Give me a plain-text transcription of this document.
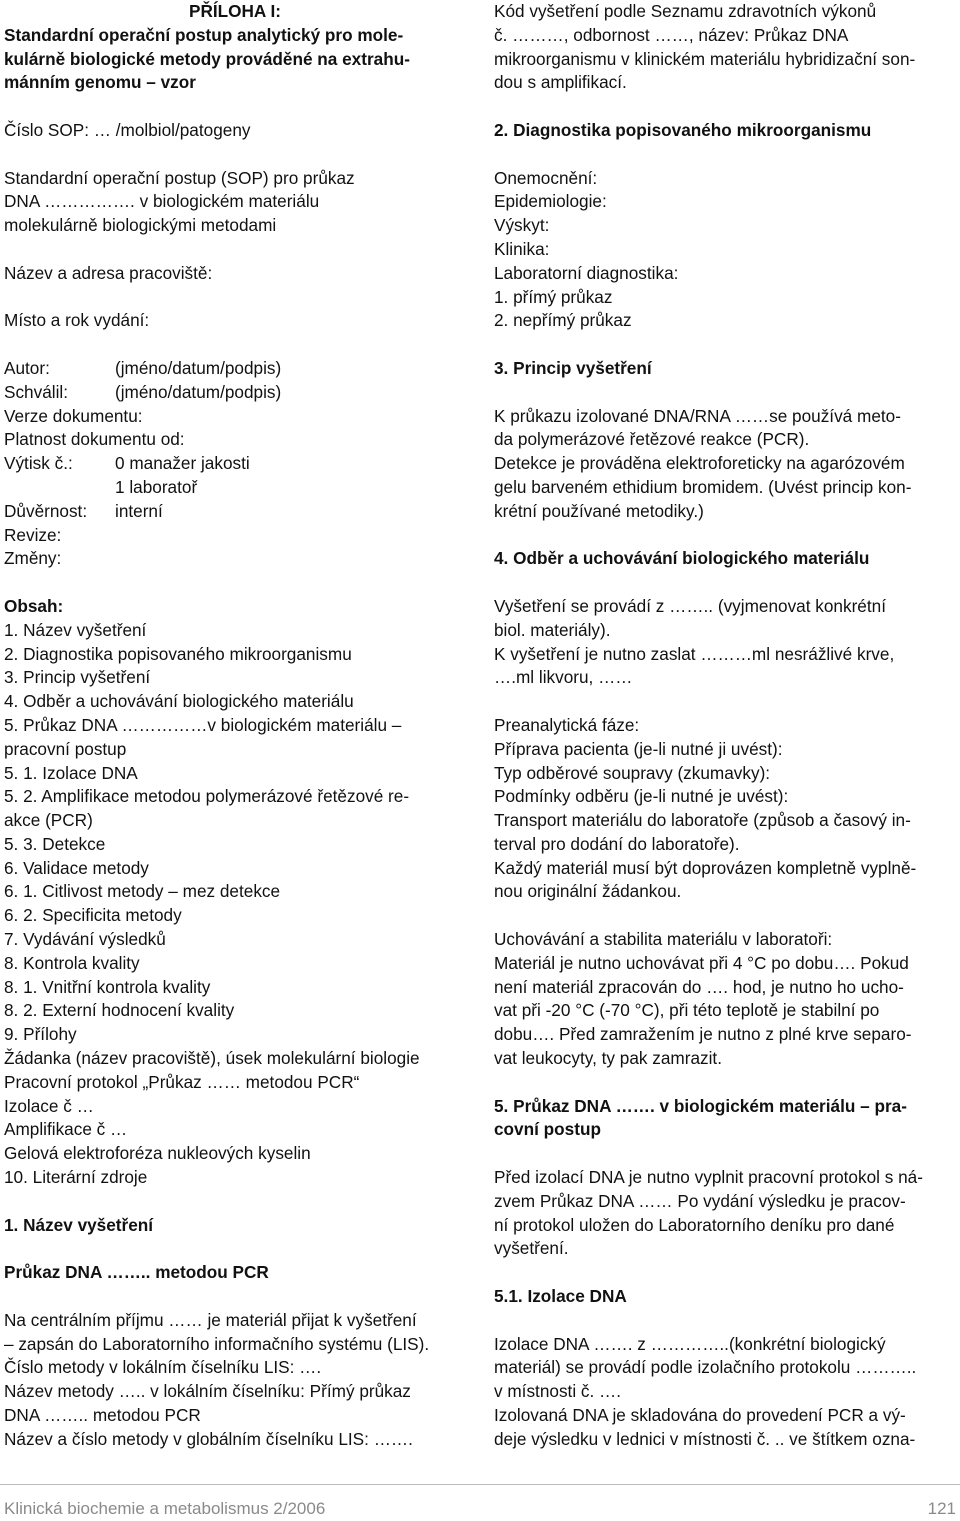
PŘÍLOHA I:

Standardní operační postup analytický pro mole-

kulárně biologické metody prováděné na extrahu-

mánním genomu – vzor

Číslo SOP: … /molbiol/patogeny

Standardní operační postup (SOP) pro průkaz

DNA ……………. v biologickém materiálu

molekulárně biologickými metodami

Název a adresa pracoviště:

Místo a rok vydání:

Autor:	(jméno/datum/podpis)
Schválil:	(jméno/datum/podpis)

Verze dokumentu:

Platnost dokumentu od:

Výtisk č.:	0 manažer jakosti
1 laboratoř
Důvěrnost:	interní

Revize:

Změny:

Obsah:

1. Název vyšetření

2. Diagnostika popisovaného mikroorganismu

3. Princip vyšetření

4. Odběr a uchovávání biologického materiálu

5. Průkaz DNA ……………v biologickém materiálu –

pracovní postup

5. 1. Izolace DNA

5. 2. Amplifikace metodou polymerázové řetězové re-

akce (PCR)

5. 3. Detekce

6. Validace metody

6. 1. Citlivost metody – mez detekce

6. 2. Specificita metody

7. Vydávání výsledků

8. Kontrola kvality

8. 1. Vnitřní kontrola kvality

8. 2. Externí hodnocení kvality

9. Přílohy

Žádanka (název pracoviště), úsek molekulární biologie

Pracovní protokol „Průkaz …… metodou PCR“

Izolace č …

Amplifikace č …

Gelová elektroforéza nukleových kyselin

10. Literární zdroje

1. Název vyšetření

Průkaz DNA …….. metodou PCR

Na centrálním příjmu …… je materiál přijat k vyšetření

– zapsán do Laboratorního informačního systému (LIS).

Číslo metody v lokálním číselníku LIS: ….

Název metody ….. v lokálním číselníku: Přímý průkaz

DNA …….. metodou PCR

Název a číslo metody v globálním číselníku LIS: …….

Kód vyšetření podle Seznamu zdravotních výkonů

č. ………, odbornost ……, název: Průkaz DNA

mikroorganismu v klinickém materiálu hybridizační son-

dou s amplifikací.

2. Diagnostika popisovaného mikroorganismu

Onemocnění:

Epidemiologie:

Výskyt:

Klinika:

Laboratorní diagnostika:

1. přímý průkaz

2. nepřímý průkaz

3. Princip vyšetření

K průkazu izolované DNA/RNA ……se používá meto-

da polymerázové řetězové reakce (PCR).

Detekce je prováděna elektroforeticky na agarózovém

gelu barveném ethidium bromidem. (Uvést princip kon-

krétní používané metodiky.)

4. Odběr a uchovávání biologického materiálu

Vyšetření se provádí z …….. (vyjmenovat konkrétní

biol. materiály).

K vyšetření je nutno zaslat ………ml nesrážlivé krve,

….ml likvoru, ……

Preanalytická fáze:

Příprava pacienta (je-li nutné ji uvést):

Typ odběrové soupravy (zkumavky):

Podmínky odběru (je-li nutné je uvést):

Transport materiálu do laboratoře (způsob a časový in-

terval pro dodání do laboratoře).

Každý materiál musí být doprovázen kompletně vyplně-

nou originální žádankou.

Uchovávání a stabilita materiálu v laboratoři:

Materiál je nutno uchovávat při 4 °C po dobu…. Pokud

není materiál zpracován do …. hod, je nutno ho ucho-

vat při -20 °C (-70 °C), při této teplotě je stabilní po

dobu…. Před zamražením je nutno z plné krve separo-

vat leukocyty, ty pak zamrazit.

5. Průkaz DNA ……. v biologickém materiálu – pra-

covní postup

Před izolací DNA je nutno vyplnit pracovní protokol s ná-

zvem Průkaz DNA …… Po vydání výsledku je pracov-

ní protokol uložen do Laboratorního deníku pro dané

vyšetření.

5.1. Izolace DNA

Izolace DNA ……. z …………..(konkrétní biologický

materiál) se provádí podle izolačního protokolu ………..

v místnosti č. ….

Izolovaná DNA je skladována do provedení PCR a vý-

deje výsledku v lednici v místnosti č. .. ve štítkem ozna-

Klinická biochemie a metabolismus 2/2006	121
